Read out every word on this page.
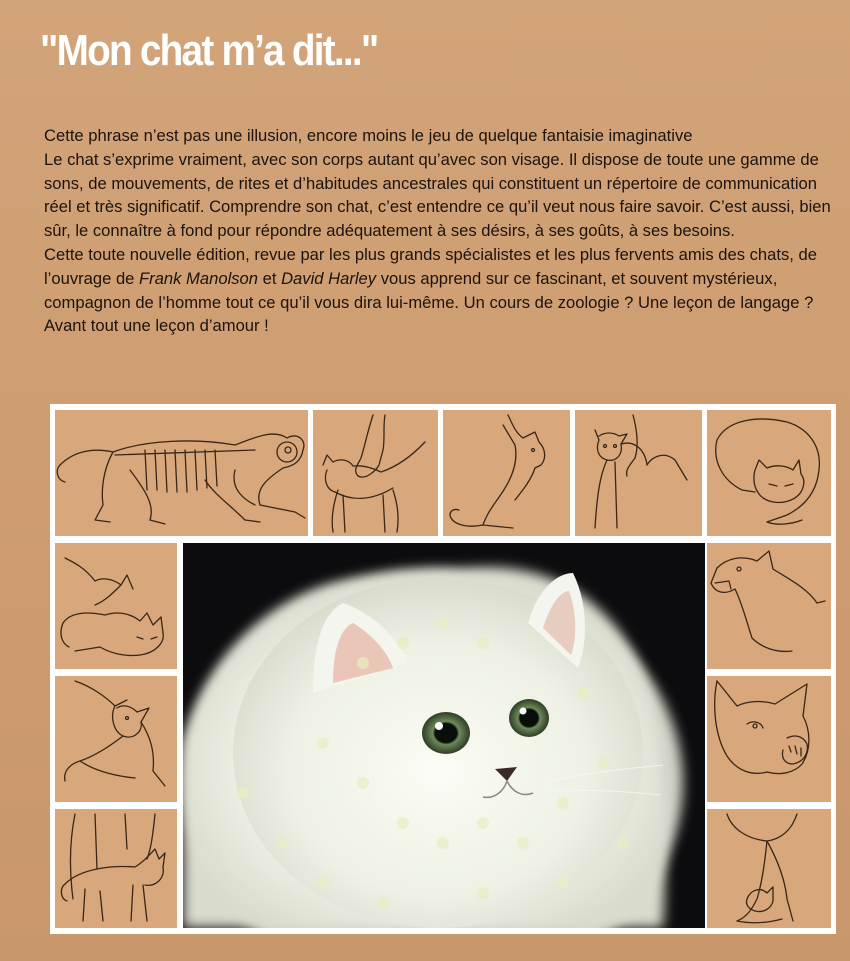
"Mon chat m’a dit..."

Cette phrase n’est pas une illusion, encore moins le jeu de quelque fantaisie imaginative
Le chat s’exprime vraiment, avec son corps autant qu’avec son visage. Il dispose de toute une gamme de sons, de mouvements, de rites et d’habitudes ancestrales qui constituent un répertoire de communication réel et très significatif. Comprendre son chat, c’est entendre ce qu’il veut nous faire savoir. C’est aussi, bien sûr, le connaître à fond pour répondre adéquatement à ses désirs, à ses goûts, à ses besoins.

Cette toute nouvelle édition, revue par les plus grands spécialistes et les plus fervents amis des chats, de l’ouvrage de Frank Manolson et David Harley vous apprend sur ce fascinant, et souvent mystérieux, compagnon de l’homme tout ce qu’il vous dira lui-même. Un cours de zoologie ? Une leçon de langage ? Avant tout une leçon d’amour !
